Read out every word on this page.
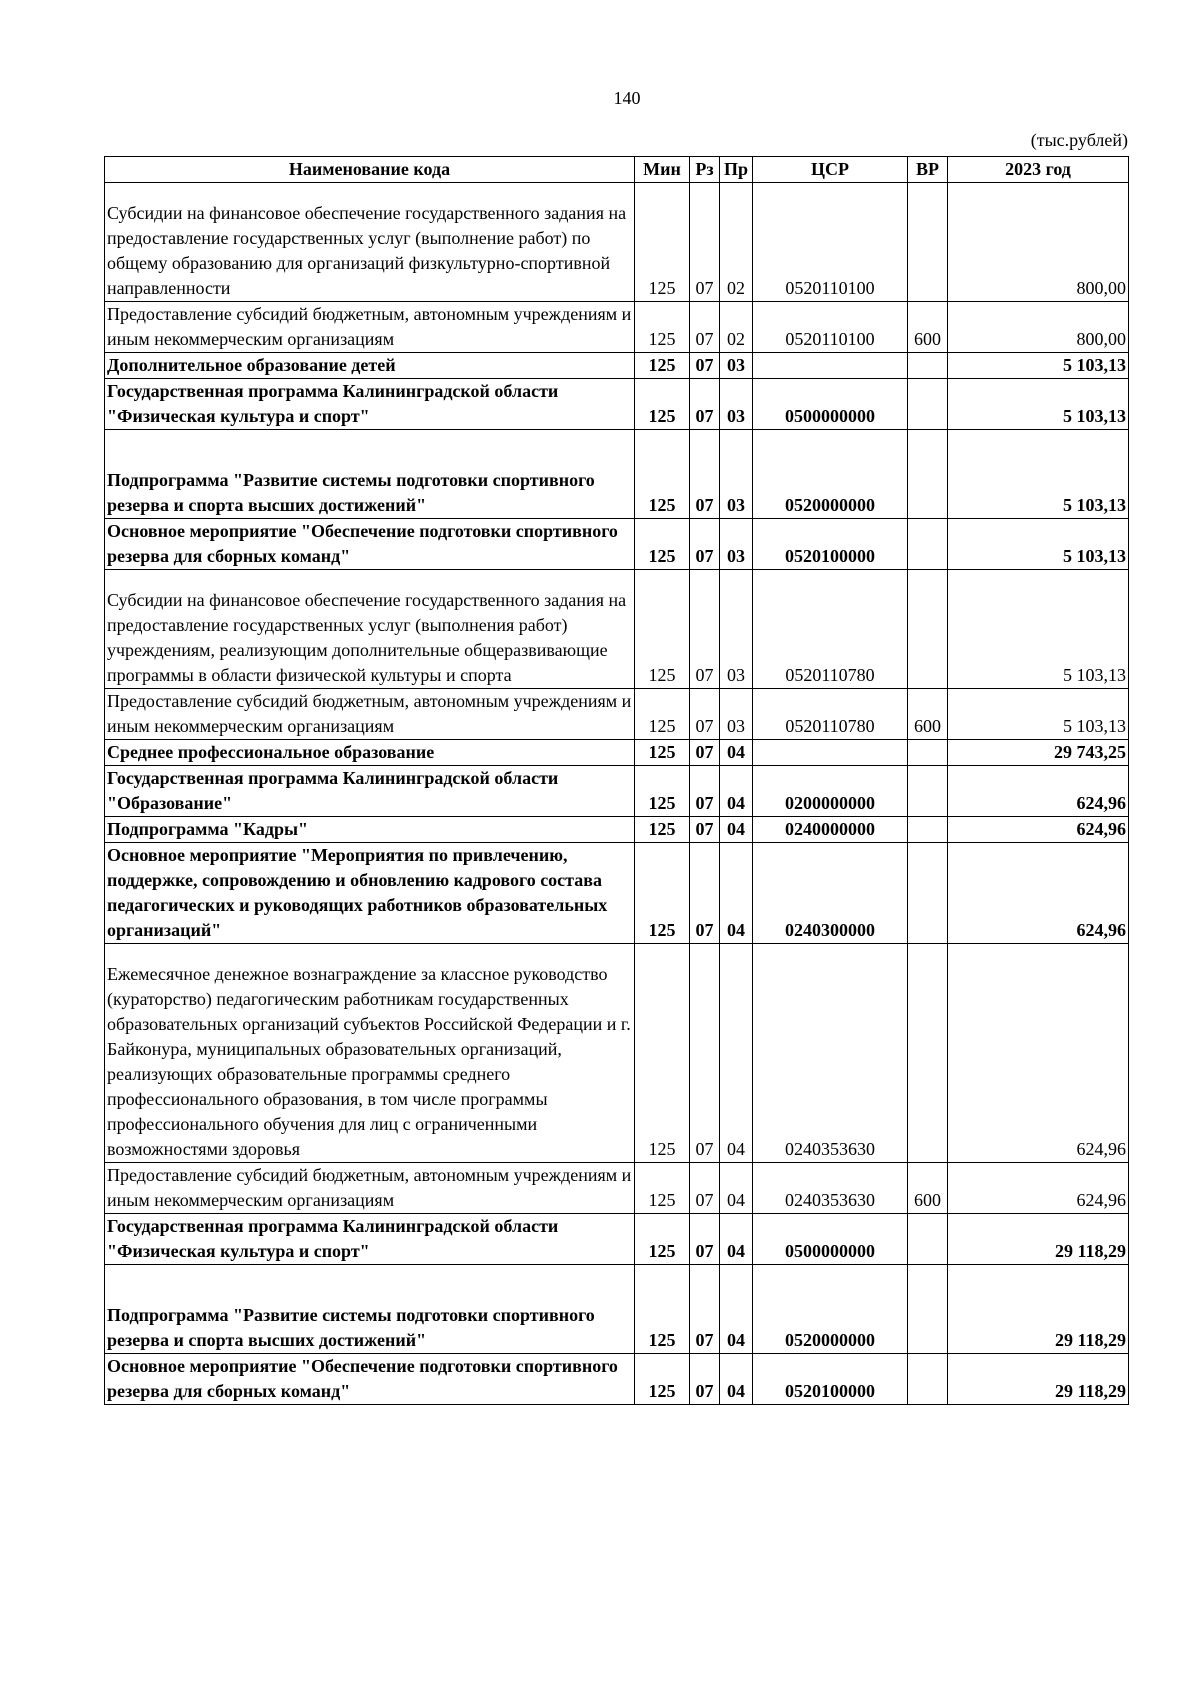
140
(тыс.рублей)
Наименование кода	Мин	Рз	Пр	ЦСР	ВР	2023 год
Субсидии на финансовое обеспечение государственного задания на предоставление государственных услуг (выполнение работ) по общему образованию для организаций физкультурно-спортивной направленности	125	07	02	0520110100		800,00
Предоставление субсидий бюджетным, автономным учреждениям и иным некоммерческим организациям	125	07	02	0520110100	600	800,00
Дополнительное образование детей	125	07	03			5 103,13
Государственная программа Калининградской области "Физическая культура и спорт"	125	07	03	0500000000		5 103,13
Подпрограмма "Развитие системы подготовки спортивного резерва и спорта высших достижений"	125	07	03	0520000000		5 103,13
Основное мероприятие "Обеспечение подготовки спортивного резерва для сборных команд"	125	07	03	0520100000		5 103,13
Субсидии на финансовое обеспечение государственного задания на предоставление государственных услуг (выполнения работ) учреждениям, реализующим дополнительные общеразвивающие программы в области физической культуры и спорта	125	07	03	0520110780		5 103,13
Предоставление субсидий бюджетным, автономным учреждениям и иным некоммерческим организациям	125	07	03	0520110780	600	5 103,13
Среднее профессиональное образование	125	07	04			29 743,25
Государственная программа Калининградской области "Образование"	125	07	04	0200000000		624,96
Подпрограмма "Кадры"	125	07	04	0240000000		624,96
Основное мероприятие "Мероприятия по привлечению, поддержке, сопровождению и обновлению кадрового состава педагогических и руководящих работников образовательных организаций"	125	07	04	0240300000		624,96
Ежемесячное денежное вознаграждение за классное руководство (кураторство) педагогическим работникам государственных образовательных организаций субъектов Российской Федерации и г. Байконура, муниципальных образовательных организаций, реализующих образовательные программы среднего профессионального образования, в том числе программы профессионального обучения для лиц с ограниченными возможностями здоровья	125	07	04	0240353630		624,96
Предоставление субсидий бюджетным, автономным учреждениям и иным некоммерческим организациям	125	07	04	0240353630	600	624,96
Государственная программа Калининградской области "Физическая культура и спорт"	125	07	04	0500000000		29 118,29
Подпрограмма "Развитие системы подготовки спортивного резерва и спорта высших достижений"	125	07	04	0520000000		29 118,29
Основное мероприятие "Обеспечение подготовки спортивного резерва для сборных команд"	125	07	04	0520100000		29 118,29
